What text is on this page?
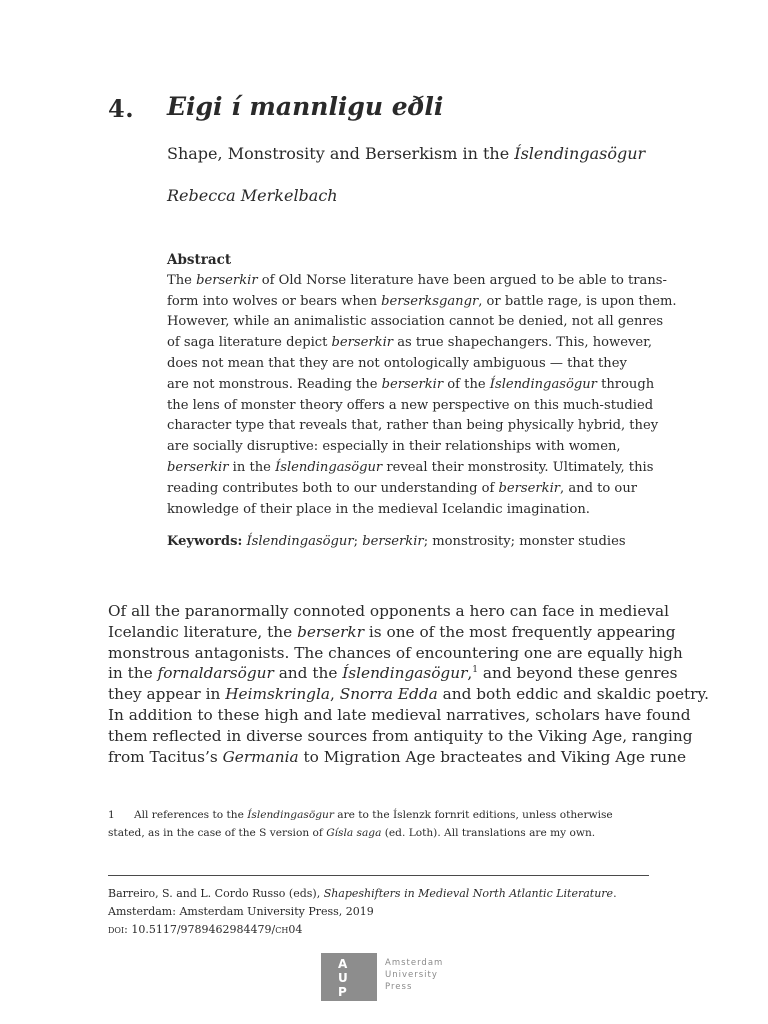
4. Eigi í mannligu eðli
Shape, Monstrosity and Berserkism in the Íslendingasögur
Rebecca Merkelbach
Abstract
The berserkir of Old Norse literature have been argued to be able to trans-
form into wolves or bears when berserksgangr, or battle rage, is upon them.
However, while an animalistic association cannot be denied, not all genres
of saga literature depict berserkir as true shapechangers. This, however,
does not mean that they are not ontologically ambiguous — that they
are not monstrous. Reading the berserkir of the Íslendingasögur through
the lens of monster theory offers a new perspective on this much-studied
character type that reveals that, rather than being physically hybrid, they
are socially disruptive: especially in their relationships with women,
berserkir in the Íslendingasögur reveal their monstrosity. Ultimately, this
reading contributes both to our understanding of berserkir, and to our
knowledge of their place in the medieval Icelandic imagination.
Keywords: Íslendingasögur; berserkir; monstrosity; monster studies
Of all the paranormally connoted opponents a hero can face in medieval
Icelandic literature, the berserkr is one of the most frequently appearing
monstrous antagonists. The chances of encountering one are equally high
in the fornaldarsögur and the Íslendingasögur,$^1$ and beyond these genres
they appear in Heimskringla, Snorra Edda and both eddic and skaldic poetry.
In addition to these high and late medieval narratives, scholars have found
them reflected in diverse sources from antiquity to the Viking Age, ranging
from Tacitus’s Germania to Migration Age bracteates and Viking Age rune
1 All references to the Íslendingasögur are to the Íslenzk fornrit editions, unless otherwise
stated, as in the case of the S version of Gísla saga (ed. Loth). All translations are my own.
Barreiro, S. and L. Cordo Russo (eds), Shapeshifters in Medieval North Atlantic Literature.
Amsterdam: Amsterdam University Press, 2019
doi: 10.5117/9789462984479/ch04
A
U
P
Amsterdam
University
Press
